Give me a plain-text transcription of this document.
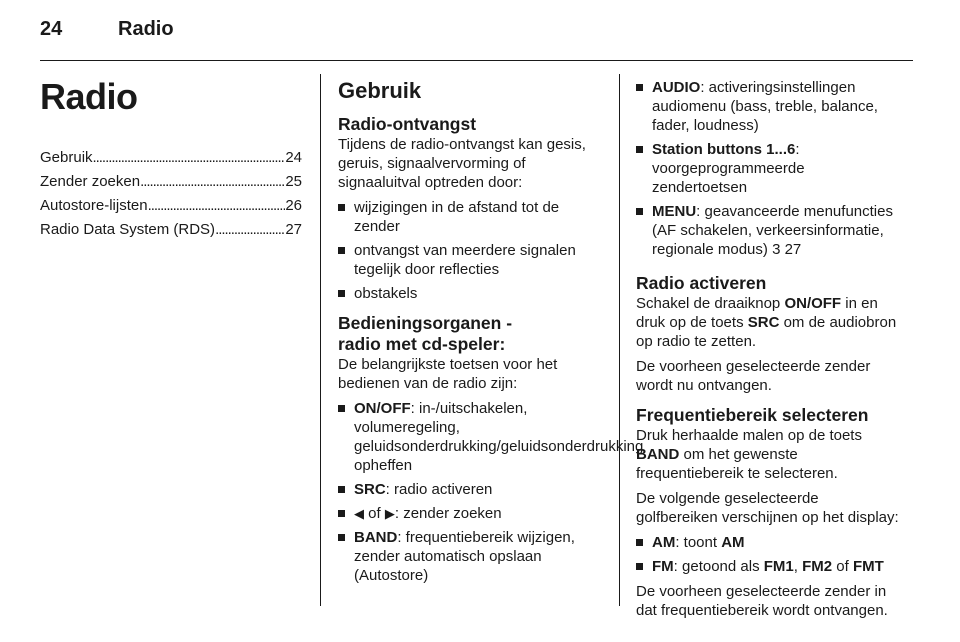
24	Radio
Radio
Gebruik . . .	24
Zender zoeken . . .	25
Autostore-lijsten . . .	26
Radio Data System (RDS) . . .	27
Gebruik
Radio-ontvangst

Tijdens de radio-ontvangst kan gesis, geruis, signaalvervorming of signaaluitval optreden door:

wijzigingen in de afstand tot de zender
ontvangst van meerdere signalen tegelijk door reflecties
obstakels
Bedieningsorganen -
radio met cd-speler:

De belangrijkste toetsen voor het bedienen van de radio zijn:

ON/OFF: in-/uitschakelen, volumeregeling, geluidsonderdrukking/geluidsonderdrukking opheffen
SRC: radio activeren
◀ of ▶: zender zoeken
BAND: frequentiebereik wijzigen, zender automatisch opslaan (Autostore)
AUDIO: activeringsinstellingen audiomenu (bass, treble, balance, fader, loudness)
Station buttons 1...6: voorgeprogrammeerde zendertoetsen
MENU: geavanceerde menufuncties (AF schakelen, verkeersinformatie, regionale modus) 3 27
Radio activeren

Schakel de draaiknop ON/OFF in en druk op de toets SRC om de audiobron op radio te zetten.

De voorheen geselecteerde zender wordt nu ontvangen.

Frequentiebereik selecteren

Druk herhaalde malen op de toets BAND om het gewenste frequentiebereik te selecteren.

De volgende geselecteerde golfbereiken verschijnen op het display:

AM: toont AM
FM: getoond als FM1, FM2 of FMT

De voorheen geselecteerde zender in dat frequentiebereik wordt ontvangen.
